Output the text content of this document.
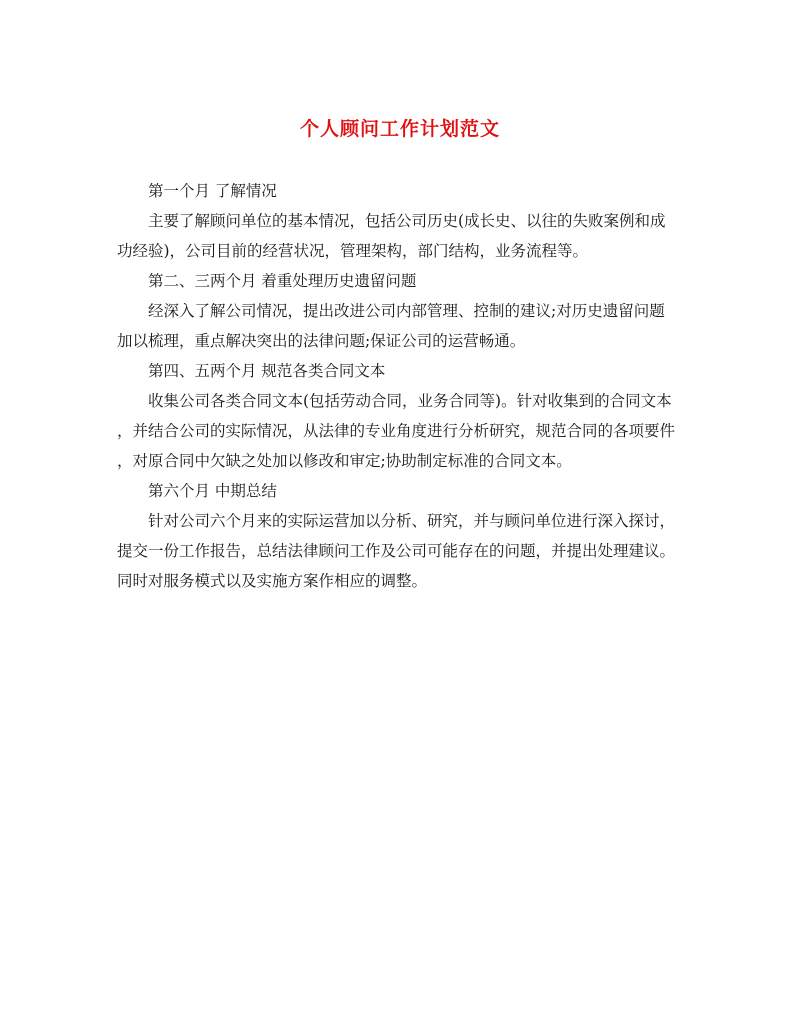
个人顾问工作计划范文
第一个月 了解情况
主要了解顾问单位的基本情况，包括公司历史(成长史、以往的失败案例和成
功经验)，公司目前的经营状况，管理架构，部门结构，业务流程等。
第二、三两个月 着重处理历史遗留问题
经深入了解公司情况，提出改进公司内部管理、控制的建议;对历史遗留问题
加以梳理，重点解决突出的法律问题;保证公司的运营畅通。
第四、五两个月 规范各类合同文本
收集公司各类合同文本(包括劳动合同，业务合同等)。针对收集到的合同文本
，并结合公司的实际情况，从法律的专业角度进行分析研究，规范合同的各项要件
，对原合同中欠缺之处加以修改和审定;协助制定标准的合同文本。
第六个月 中期总结
针对公司六个月来的实际运营加以分析、研究，并与顾问单位进行深入探讨，
提交一份工作报告，总结法律顾问工作及公司可能存在的问题，并提出处理建议。
同时对服务模式以及实施方案作相应的调整。
